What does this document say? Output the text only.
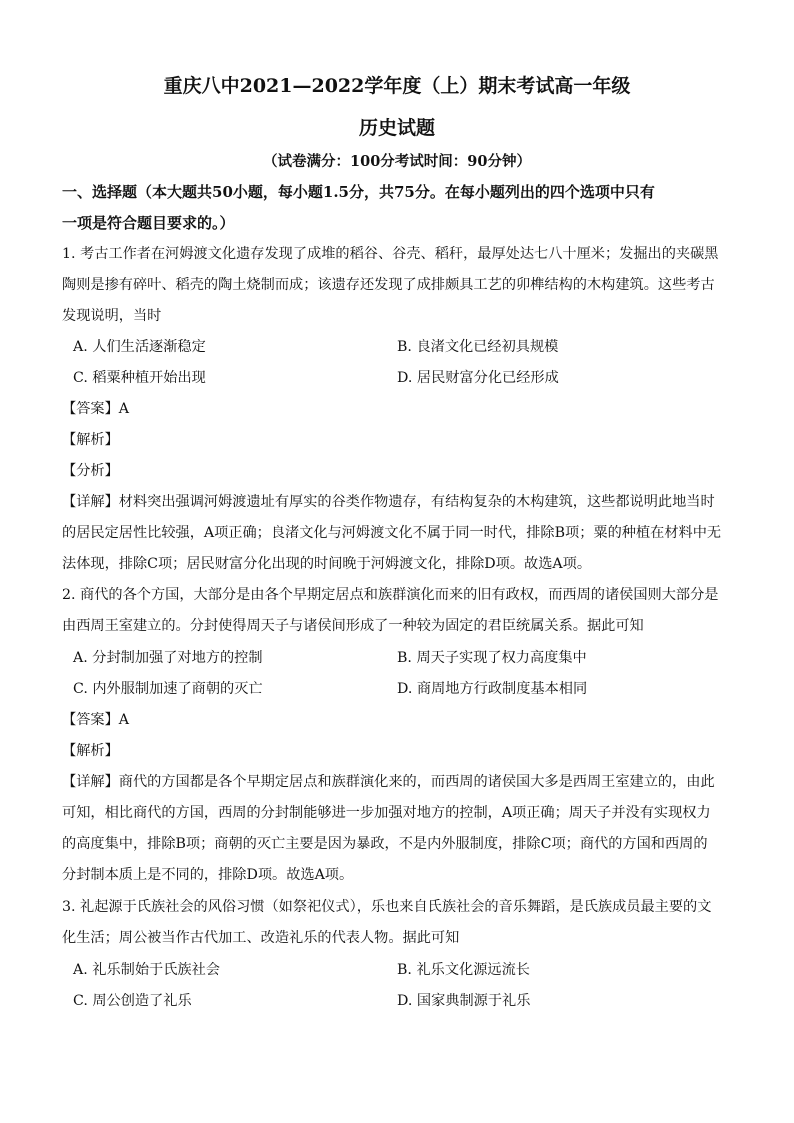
重庆八中2021—2022学年度（上）期末考试高一年级
历史试题
（试卷满分：100分考试时间：90分钟）
一、选择题（本大题共50小题，每小题1.5分，共75分。在每小题列出的四个选项中只有
一项是符合题目要求的。）
1. 考古工作者在河姆渡文化遗存发现了成堆的稻谷、谷壳、稻秆，最厚处达七八十厘米；发掘出的夹碳黑
陶则是掺有碎叶、稻壳的陶土烧制而成；该遗存还发现了成排颇具工艺的卯榫结构的木构建筑。这些考古
发现说明，当时
A. 人们生活逐渐稳定	B. 良渚文化已经初具规模
C. 稻粟种植开始出现	D. 居民财富分化已经形成
【答案】A
【解析】
【分析】
【详解】材料突出强调河姆渡遗址有厚实的谷类作物遗存，有结构复杂的木构建筑，这些都说明此地当时
的居民定居性比较强，A项正确；良渚文化与河姆渡文化不属于同一时代，排除B项；粟的种植在材料中无
法体现，排除C项；居民财富分化出现的时间晚于河姆渡文化，排除D项。故选A项。
2. 商代的各个方国，大部分是由各个早期定居点和族群演化而来的旧有政权，而西周的诸侯国则大部分是
由西周王室建立的。分封使得周天子与诸侯间形成了一种较为固定的君臣统属关系。据此可知
A. 分封制加强了对地方的控制	B. 周天子实现了权力高度集中
C. 内外服制加速了商朝的灭亡	D. 商周地方行政制度基本相同
【答案】A
【解析】
【详解】商代的方国都是各个早期定居点和族群演化来的，而西周的诸侯国大多是西周王室建立的，由此
可知，相比商代的方国，西周的分封制能够进一步加强对地方的控制，A项正确；周天子并没有实现权力
的高度集中，排除B项；商朝的灭亡主要是因为暴政，不是内外服制度，排除C项；商代的方国和西周的
分封制本质上是不同的，排除D项。故选A项。
3. 礼起源于氏族社会的风俗习惯（如祭祀仪式），乐也来自氏族社会的音乐舞蹈，是氏族成员最主要的文
化生活；周公被当作古代加工、改造礼乐的代表人物。据此可知
A. 礼乐制始于氏族社会	B. 礼乐文化源远流长
C. 周公创造了礼乐	D. 国家典制源于礼乐
